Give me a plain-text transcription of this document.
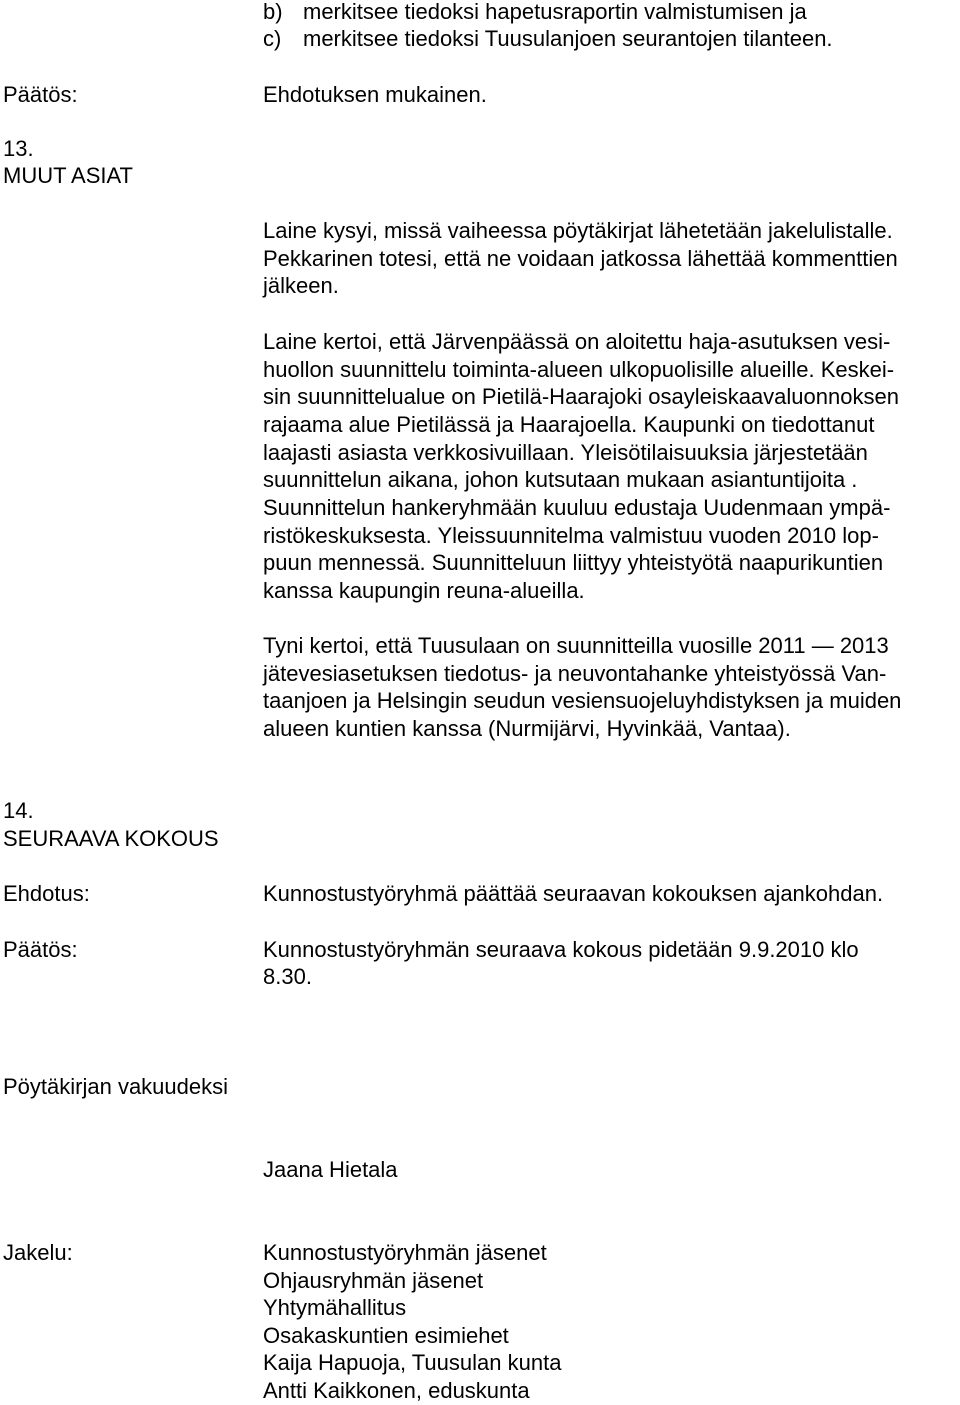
b) merkitsee tiedoksi hapetusraportin valmistumisen ja
c) merkitsee tiedoksi Tuusulanjoen seurantojen tilanteen.
Päätös:	Ehdotuksen mukainen.
13.
MUUT ASIAT
Laine kysyi, missä vaiheessa pöytäkirjat lähetetään jakelulistalle.
Pekkarinen totesi, että ne voidaan jatkossa lähettää kommenttien
jälkeen.
Laine kertoi, että Järvenpäässä on aloitettu haja-asutuksen vesi-
huollon suunnittelu toiminta-alueen ulkopuolisille alueille. Keskei-
sin suunnittelualue on Pietilä-Haarajoki osayleiskaavaluonnoksen
rajaama alue Pietilässä ja Haarajoella. Kaupunki on tiedottanut
laajasti asiasta verkkosivuillaan. Yleisötilaisuuksia järjestetään
suunnittelun aikana, johon kutsutaan mukaan asiantuntijoita .
Suunnittelun hankeryhmään kuuluu edustaja Uudenmaan ympä-
ristökeskuksesta. Yleissuunnitelma valmistuu vuoden 2010 lop-
puun mennessä. Suunnitteluun liittyy yhteistyötä naapurikuntien
kanssa kaupungin reuna-alueilla.
Tyni kertoi, että Tuusulaan on suunnitteilla vuosille 2011 — 2013
jätevesiasetuksen tiedotus- ja neuvontahanke yhteistyössä Van-
taanjoen ja Helsingin seudun vesiensuojeluyhdistyksen ja muiden
alueen kuntien kanssa (Nurmijärvi, Hyvinkää, Vantaa).
14.
SEURAAVA KOKOUS
Ehdotus:	Kunnostustyöryhmä päättää seuraavan kokouksen ajankohdan.
Päätös:	Kunnostustyöryhmän seuraava kokous pidetään 9.9.2010 klo
8.30.
Pöytäkirjan vakuudeksi
Jaana Hietala
Jakelu:	Kunnostustyöryhmän jäsenet
Ohjausryhmän jäsenet
Yhtymähallitus
Osakaskuntien esimiehet
Kaija Hapuoja, Tuusulan kunta
Antti Kaikkonen, eduskunta
